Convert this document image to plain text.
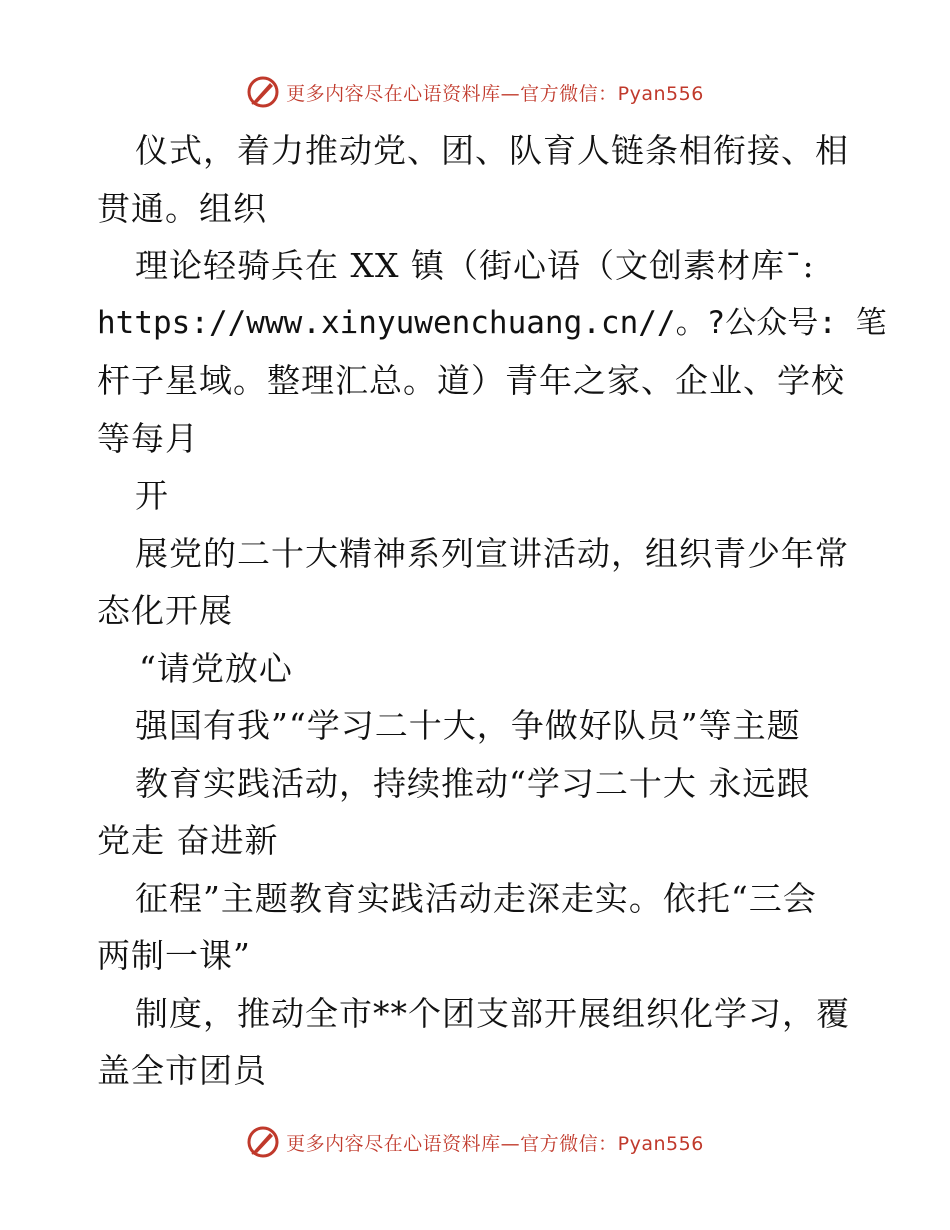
更多内容尽在心语资料库—官方微信：Pyan556
仪式，着力推动党、团、队育人链条相衔接、相
贯通。组织
理论轻骑兵在 XX 镇（街心语（文创素材库¯:
https://www.xinyuwenchuang.cn//。?公众号: 笔
杆子星域。整理汇总。道）青年之家、企业、学校
等每月
开
展党的二十大精神系列宣讲活动，组织青少年常
态化开展
“请党放心
强国有我”“学习二十大，争做好队员”等主题
教育实践活动，持续推动“学习二十大 永远跟
党走 奋进新
征程”主题教育实践活动走深走实。依托“三会
两制一课”
制度，推动全市**个团支部开展组织化学习，覆
盖全市团员
更多内容尽在心语资料库—官方微信：Pyan556
